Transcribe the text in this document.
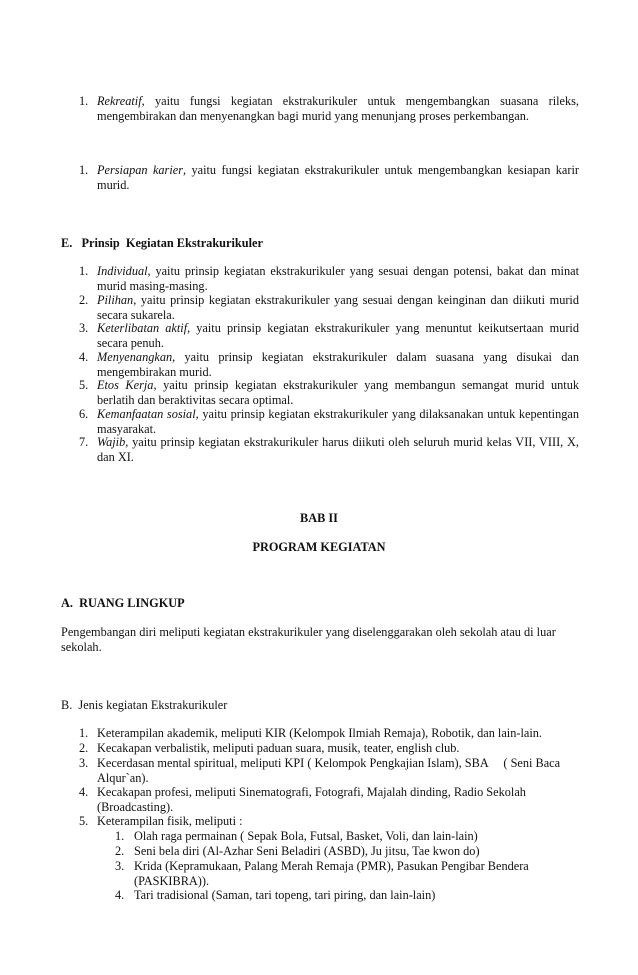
1. Rekreatif, yaitu fungsi kegiatan ekstrakurikuler untuk mengembangkan suasana rileks, mengembirakan dan menyenangkan bagi murid yang menunjang proses perkembangan.
1. Persiapan karier, yaitu fungsi kegiatan ekstrakurikuler untuk mengembangkan kesiapan karir murid.
E.   Prinsip  Kegiatan Ekstrakurikuler
1. Individual, yaitu prinsip kegiatan ekstrakurikuler yang sesuai dengan potensi, bakat dan minat murid masing-masing.
2. Pilihan, yaitu prinsip kegiatan ekstrakurikuler yang sesuai dengan keinginan dan diikuti murid secara sukarela.
3. Keterlibatan aktif, yaitu prinsip kegiatan ekstrakurikuler yang menuntut keikutsertaan murid secara penuh.
4. Menyenangkan, yaitu prinsip kegiatan ekstrakurikuler dalam suasana yang disukai dan mengembirakan murid.
5. Etos Kerja, yaitu prinsip kegiatan ekstrakurikuler yang membangun semangat murid untuk berlatih dan beraktivitas secara optimal.
6. Kemanfaatan sosial, yaitu prinsip kegiatan ekstrakurikuler yang dilaksanakan untuk kepentingan masyarakat.
7. Wajib, yaitu prinsip kegiatan ekstrakurikuler harus diikuti oleh seluruh murid kelas VII, VIII, X, dan XI.
BAB II
PROGRAM KEGIATAN
A.  RUANG LINGKUP
Pengembangan diri meliputi kegiatan ekstrakurikuler yang diselenggarakan oleh sekolah atau di luar sekolah.
B.  Jenis kegiatan Ekstrakurikuler
1. Keterampilan akademik, meliputi KIR (Kelompok Ilmiah Remaja), Robotik, dan lain-lain.
2. Kecakapan verbalistik, meliputi paduan suara, musik, teater, english club.
3. Kecerdasan mental spiritual, meliputi KPI ( Kelompok Pengkajian Islam), SBA     ( Seni Baca Alqur`an).
4. Kecakapan profesi, meliputi Sinematografi, Fotografi, Majalah dinding, Radio Sekolah (Broadcasting).
5. Keterampilan fisik, meliputi :
1. Olah raga permainan ( Sepak Bola, Futsal, Basket, Voli, dan lain-lain)
2. Seni bela diri (Al-Azhar Seni Beladiri (ASBD), Ju jitsu, Tae kwon do)
3. Krida (Kepramukaan, Palang Merah Remaja (PMR), Pasukan Pengibar Bendera (PASKIBRA)).
4. Tari tradisional (Saman, tari topeng, tari piring, dan lain-lain)
